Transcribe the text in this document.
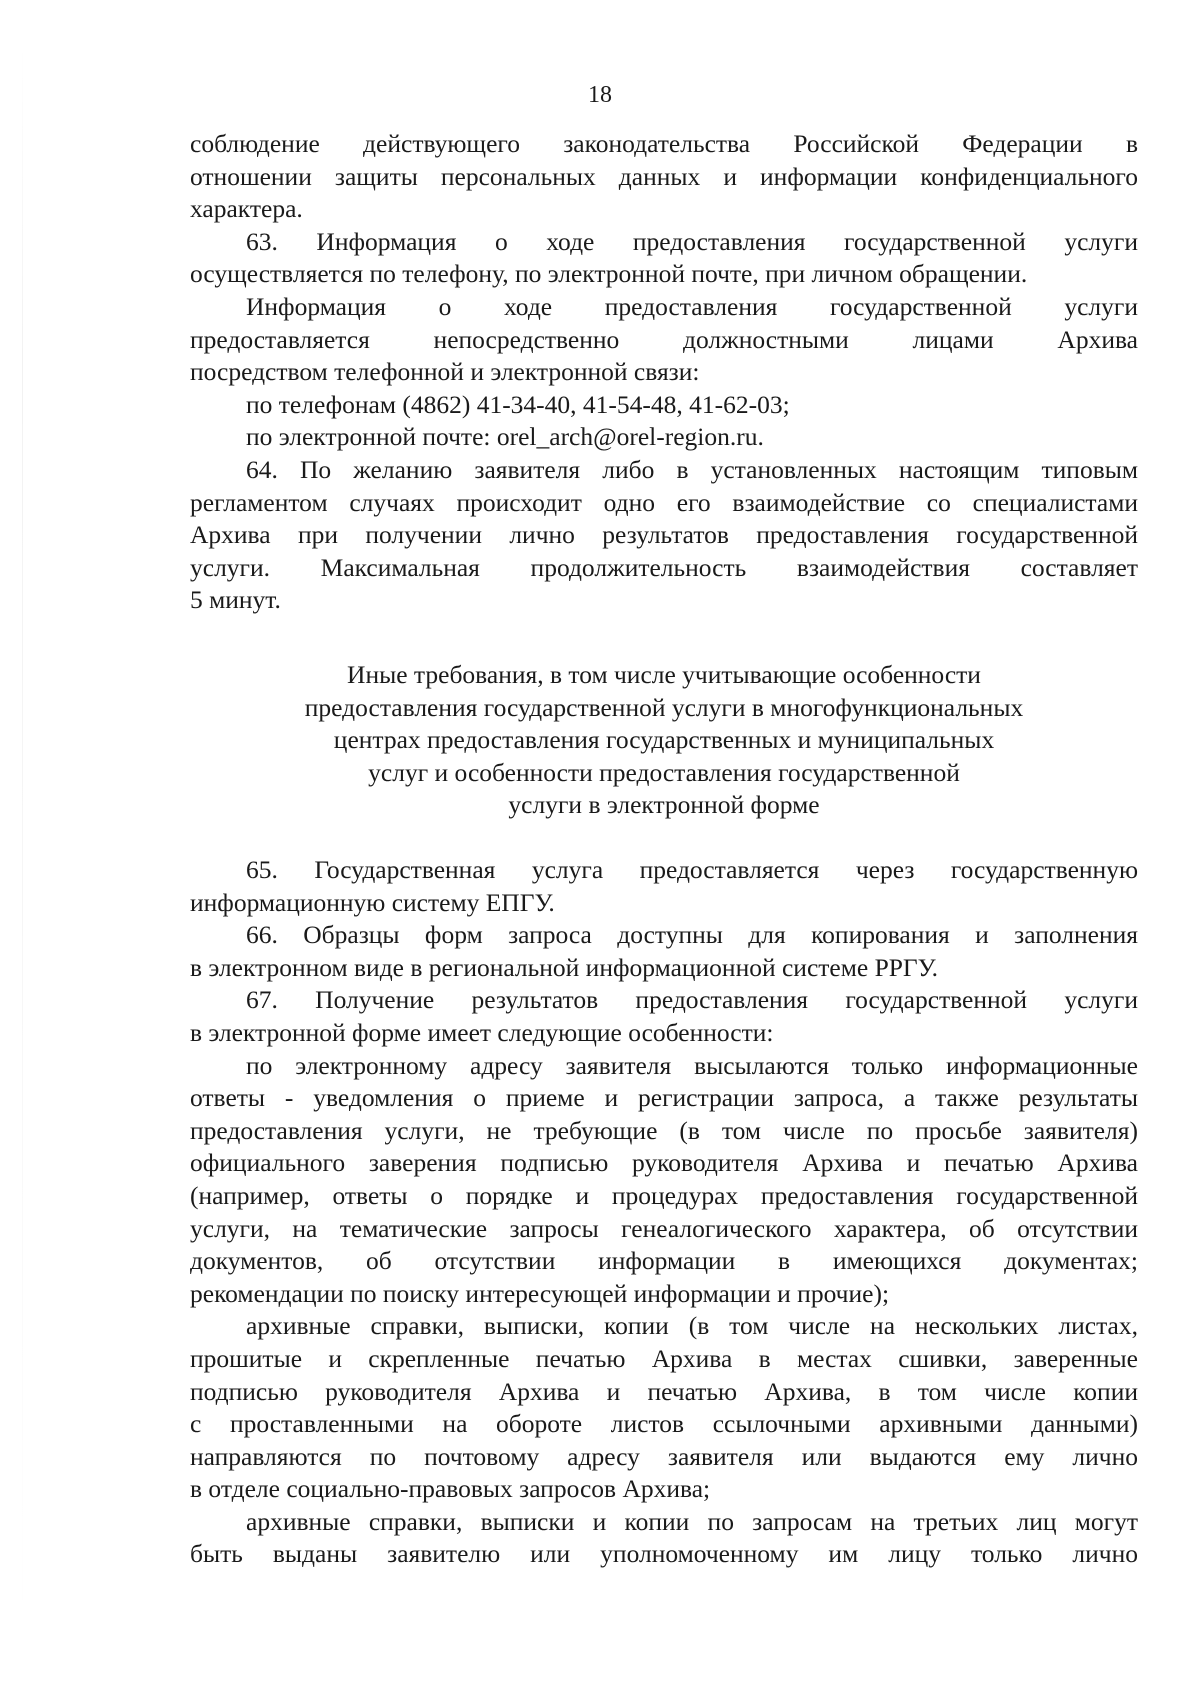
18

соблюдение действующего законодательства Российской Федерации в

отношении защиты персональных данных и информации конфиденциального

характера.

63. Информация о ходе предоставления государственной услуги

осуществляется по телефону, по электронной почте, при личном обращении.

Информация о ходе предоставления государственной услуги

предоставляется непосредственно должностными лицами Архива

посредством телефонной и электронной связи:

по телефонам (4862) 41-34-40, 41-54-48, 41-62-03;

по электронной почте: orel_arch@orel-region.ru.

64. По желанию заявителя либо в установленных настоящим типовым

регламентом случаях происходит одно его взаимодействие со специалистами

Архива при получении лично результатов предоставления государственной

услуги. Максимальная продолжительность взаимодействия составляет

5 минут.

Иные требования, в том числе учитывающие особенности
предоставления государственной услуги в многофункциональных
центрах предоставления государственных и муниципальных
услуг и особенности предоставления государственной
услуги в электронной форме

65. Государственная услуга предоставляется через государственную

информационную систему ЕПГУ.

66. Образцы форм запроса доступны для копирования и заполнения

в электронном виде в региональной информационной системе РРГУ.

67. Получение результатов предоставления государственной услуги

в электронной форме имеет следующие особенности:

по электронному адресу заявителя высылаются только информационные

ответы - уведомления о приеме и регистрации запроса, а также результаты

предоставления услуги, не требующие (в том числе по просьбе заявителя)

официального заверения подписью руководителя Архива и печатью Архива

(например, ответы о порядке и процедурах предоставления государственной

услуги, на тематические запросы генеалогического характера, об отсутствии

документов, об отсутствии информации в имеющихся документах;

рекомендации по поиску интересующей информации и прочие);

архивные справки, выписки, копии (в том числе на нескольких листах,

прошитые и скрепленные печатью Архива в местах сшивки, заверенные

подписью руководителя Архива и печатью Архива, в том числе копии

с проставленными на обороте листов ссылочными архивными данными)

направляются по почтовому адресу заявителя или выдаются ему лично

в отделе социально-правовых запросов Архива;

архивные справки, выписки и копии по запросам на третьих лиц могут

быть выданы заявителю или уполномоченному им лицу только лично
